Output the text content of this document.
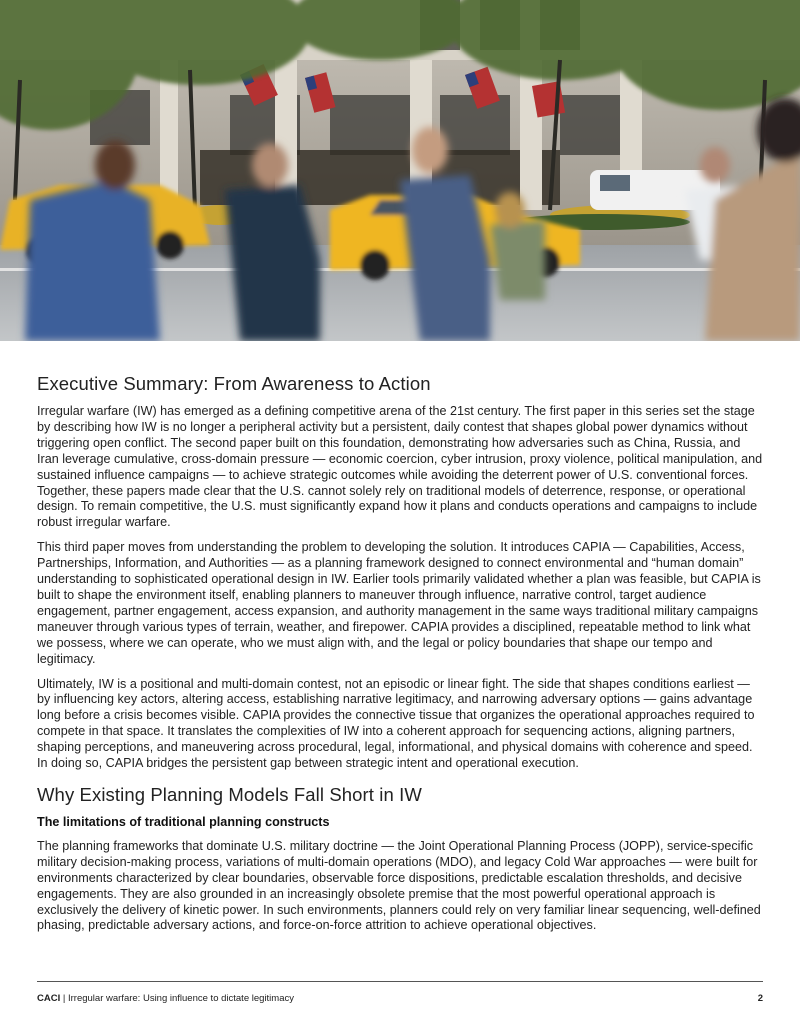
Executive Summary: From Awareness to Action

Irregular warfare (IW) has emerged as a defining competitive arena of the 21st century. The first paper in this series set the stage by describing how IW is no longer a peripheral activity but a persistent, daily contest that shapes global power dynamics without triggering open conflict. The second paper built on this foundation, demonstrating how adversaries such as China, Russia, and Iran leverage cumulative, cross-domain pressure — economic coercion, cyber intrusion, proxy violence, political manipulation, and sustained influence campaigns — to achieve strategic outcomes while avoiding the deterrent power of U.S. conventional forces. Together, these papers made clear that the U.S. cannot solely rely on traditional models of deterrence, response, or operational design. To remain competitive, the U.S. must significantly expand how it plans and conducts operations and campaigns to include robust irregular warfare.

This third paper moves from understanding the problem to developing the solution. It introduces CAPIA — Capabilities, Access, Partnerships, Information, and Authorities — as a planning framework designed to connect environmental and “human domain” understanding to sophisticated operational design in IW. Earlier tools primarily validated whether a plan was feasible, but CAPIA is built to shape the environment itself, enabling planners to maneuver through influence, narrative control, target audience engagement, partner engagement, access expansion, and authority management in the same ways traditional military campaigns maneuver through various types of terrain, weather, and firepower. CAPIA provides a disciplined, repeatable method to link what we possess, where we can operate, who we must align with, and the legal or policy boundaries that shape our tempo and legitimacy.

Ultimately, IW is a positional and multi-domain contest, not an episodic or linear fight. The side that shapes conditions earliest — by influencing key actors, altering access, establishing narrative legitimacy, and narrowing adversary options — gains advantage long before a crisis becomes visible. CAPIA provides the connective tissue that organizes the operational approaches required to compete in that space. It translates the complexities of IW into a coherent approach for sequencing actions, aligning partners, shaping perceptions, and maneuvering across procedural, legal, informational, and physical domains with coherence and speed. In doing so, CAPIA bridges the persistent gap between strategic intent and operational execution.

Why Existing Planning Models Fall Short in IW
The limitations of traditional planning constructs

The planning frameworks that dominate U.S. military doctrine — the Joint Operational Planning Process (JOPP), service-specific military decision-making process, variations of multi-domain operations (MDO), and legacy Cold War approaches — were built for environments characterized by clear boundaries, observable force dispositions, predictable escalation thresholds, and decisive engagements. They are also grounded in an increasingly obsolete premise that the most powerful operational approach is exclusively the delivery of kinetic power. In such environments, planners could rely on very familiar linear sequencing, well-defined phasing, predictable adversary actions, and force-on-force attrition to achieve operational objectives.

CACI | Irregular warfare: Using influence to dictate legitimacy	2
